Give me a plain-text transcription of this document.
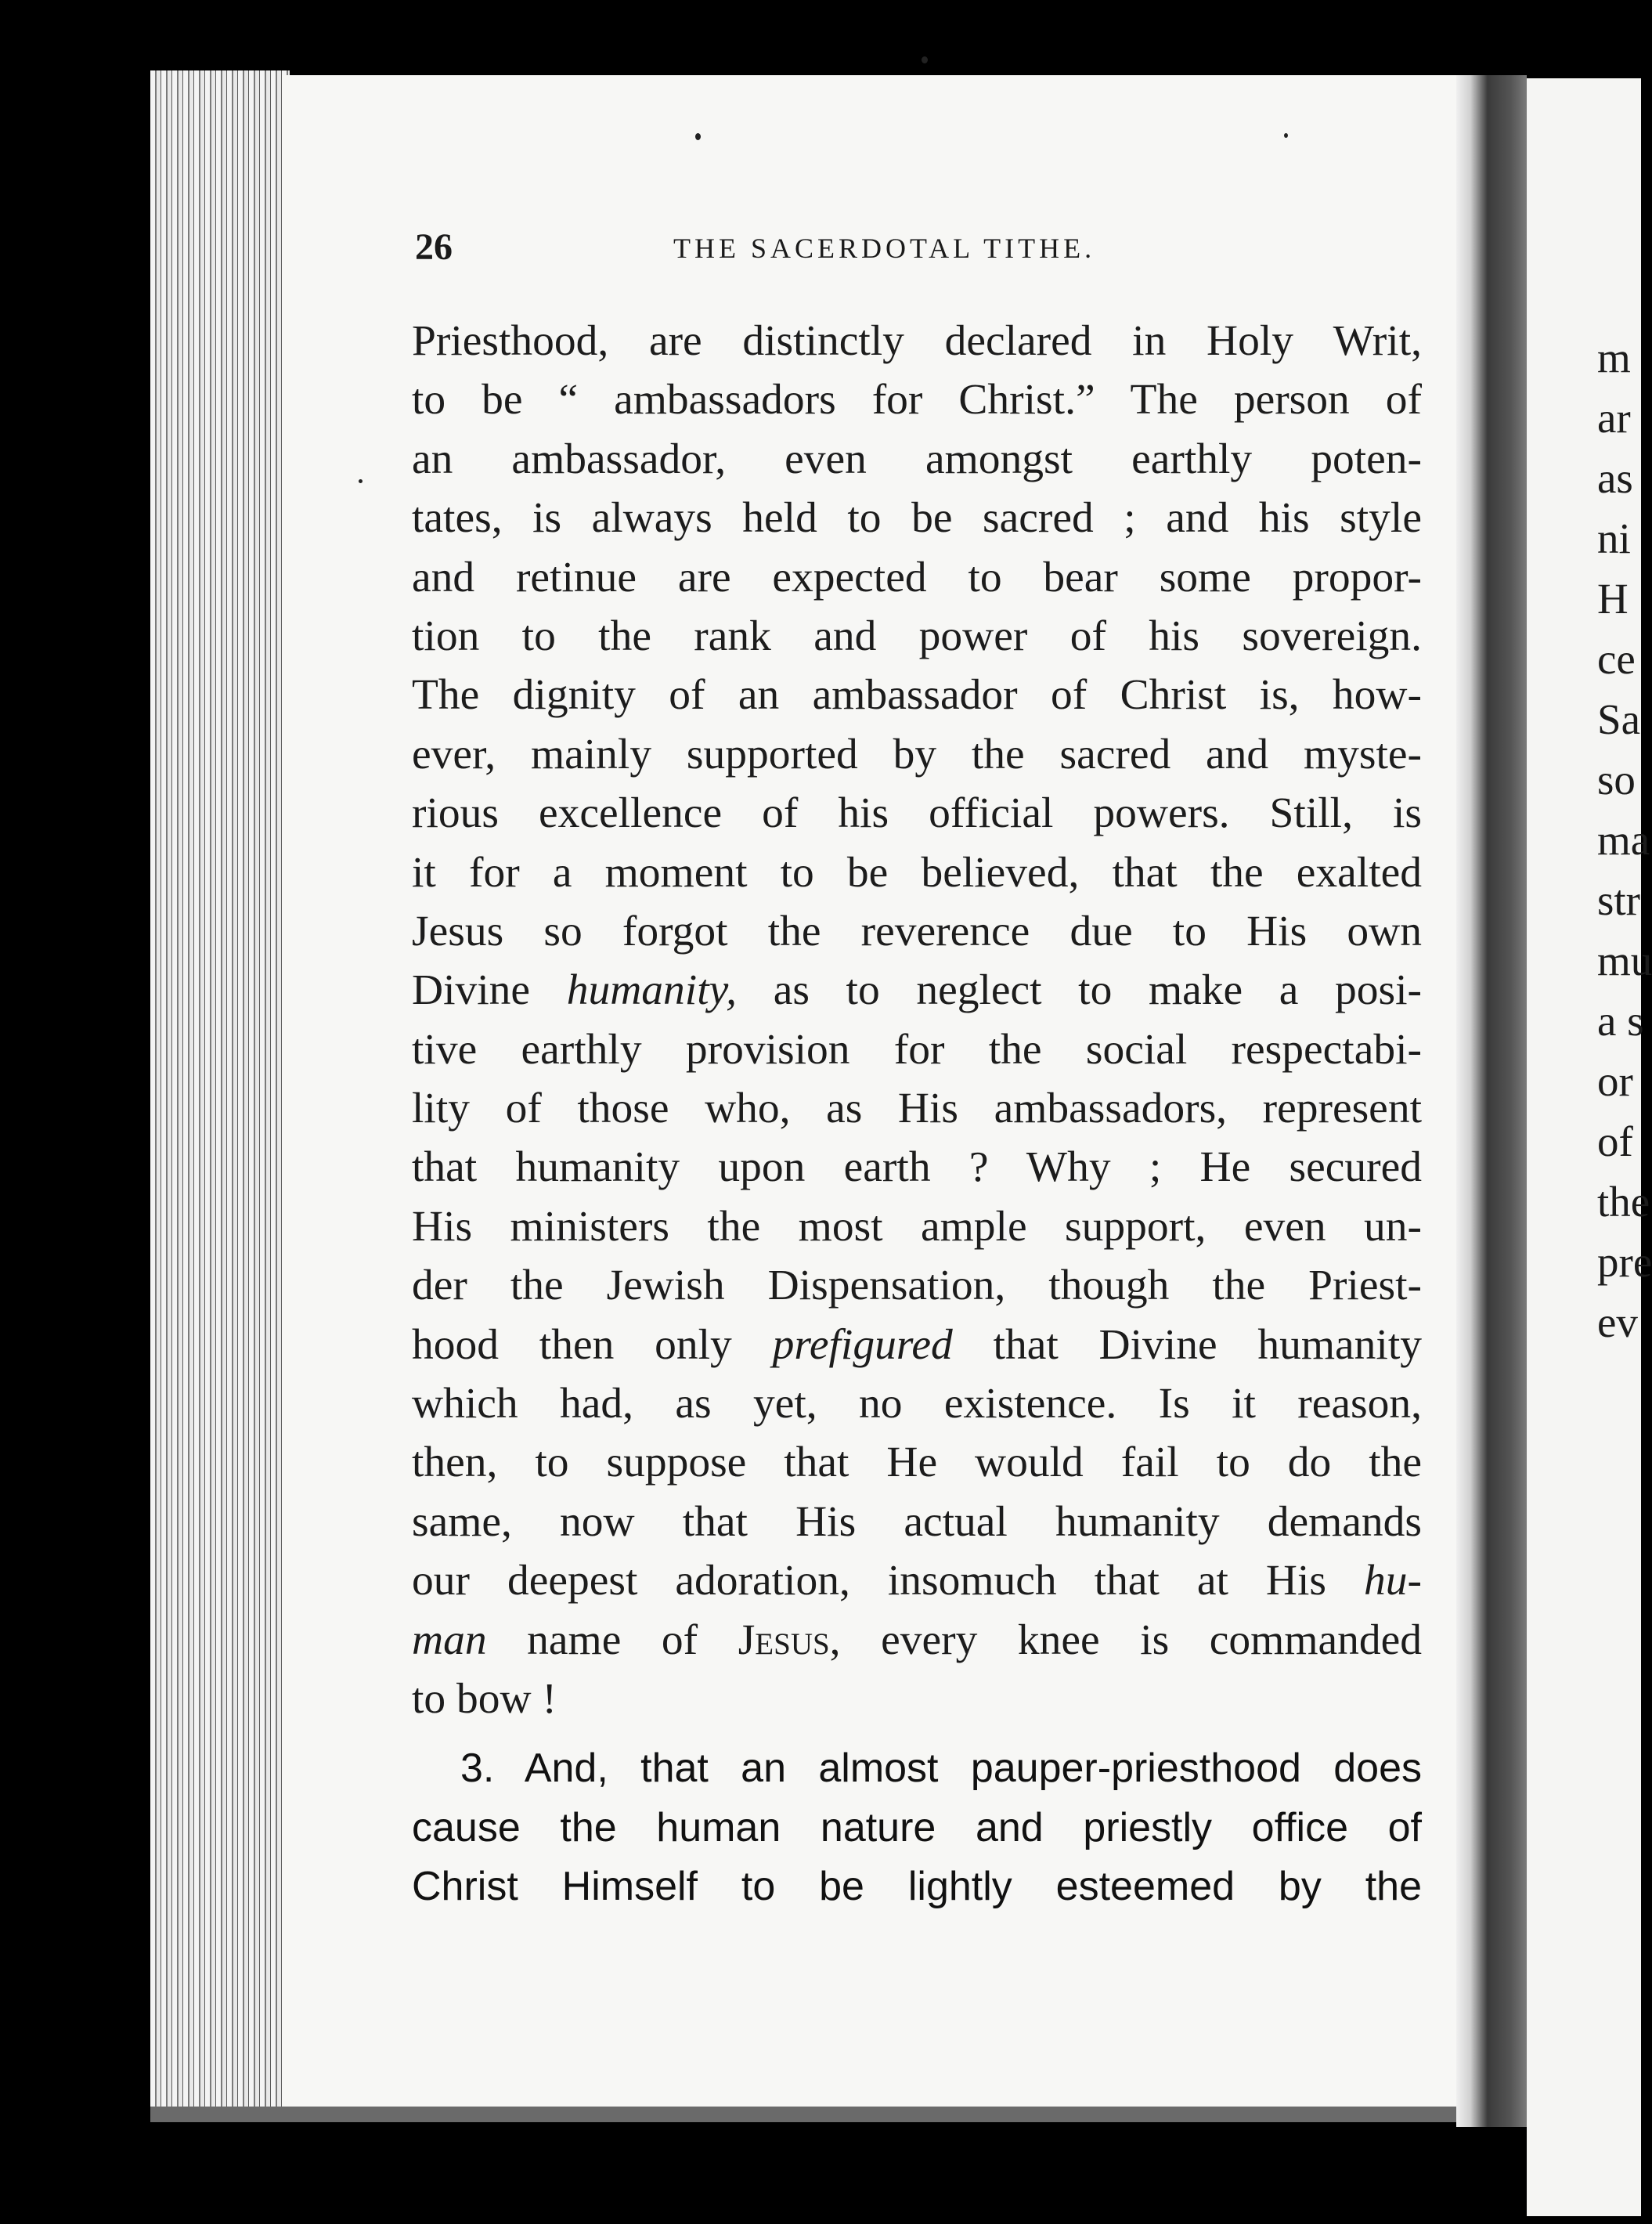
26	THE SACERDOTAL TITHE.
Priesthood, are distinctly declared in Holy Writ,
to be “ ambassadors for Christ.” The person of
an ambassador, even amongst earthly poten-
tates, is always held to be sacred ; and his style
and retinue are expected to bear some propor-
tion to the rank and power of his sovereign.
The dignity of an ambassador of Christ is, how-
ever, mainly supported by the sacred and myste-
rious excellence of his official powers. Still, is
it for a moment to be believed, that the exalted
Jesus so forgot the reverence due to His own
Divine humanity, as to neglect to make a posi-
tive earthly provision for the social respectabi-
lity of those who, as His ambassadors, represent
that humanity upon earth ? Why ; He secured
His ministers the most ample support, even un-
der the Jewish Dispensation, though the Priest-
hood then only prefigured that Divine humanity
which had, as yet, no existence. Is it reason,
then, to suppose that He would fail to do the
same, now that His actual humanity demands
our deepest adoration, insomuch that at His hu-
man name of Jesus, every knee is commanded
to bow !
3. And, that an almost pauper-priesthood does
cause the human nature and priestly office of
Christ Himself to be lightly esteemed by the
m
ar
as
ni
H
ce
Sa
so
ma
str
mu
a s
or
of
the
pre
ev
